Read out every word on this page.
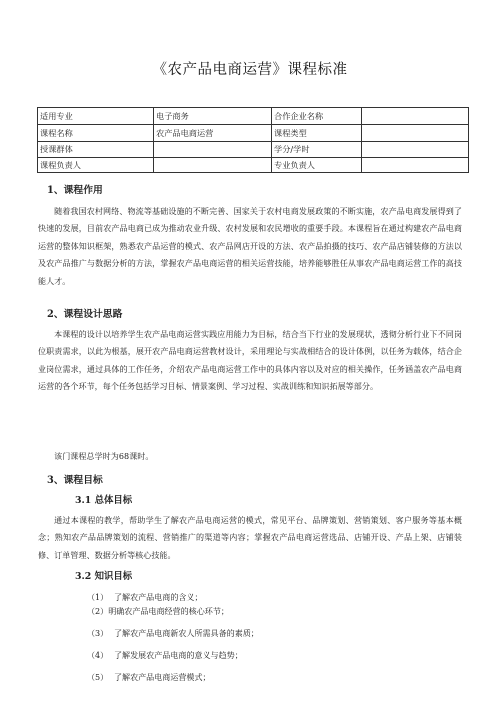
《农产品电商运营》课程标准
适用专业	电子商务	合作企业名称	
课程名称	农产品电商运营	课程类型	
授课群体		学分/学时	
课程负责人		专业负责人	
1、课程作用
随着我国农村网络、物流等基础设施的不断完善、国家关于农村电商发展政策的不断实施，农产品电商发展得到了快速的发展，目前农产品电商已成为推动农业升级、农村发展和农民增收的重要手段。本课程旨在通过构建农产品电商运营的整体知识框架，熟悉农产品运营的模式、农产品网店开设的方法、农产品拍摄的技巧、农产品店铺装修的方法以及农产品推广与数据分析的方法，掌握农产品电商运营的相关运营技能，培养能够胜任从事农产品电商运营工作的高技能人才。
2、课程设计思路
本课程的设计以培养学生农产品电商运营实践应用能力为目标，结合当下行业的发展现状，透彻分析行业下不同岗位职责需求，以此为根基，展开农产品电商运营教材设计，采用理论与实战相结合的设计体例，以任务为载体，结合企业岗位需求，通过具体的工作任务，介绍农产品电商运营工作中的具体内容以及对应的相关操作，任务涵盖农产品电商运营的各个环节，每个任务包括学习目标、情景案例、学习过程、实战训练和知识拓展等部分。
该门课程总学时为68课时。
3、课程目标
3.1 总体目标
通过本课程的教学，帮助学生了解农产品电商运营的模式，常见平台、品牌策划、营销策划、客户服务等基本概念；熟知农产品品牌策划的流程、营销推广的渠道等内容；掌握农产品电商运营选品、店铺开设、产品上架、店铺装修、订单管理、数据分析等核心技能。
3.2 知识目标
（1） 了解农产品电商的含义；
（2）明确农产品电商经营的核心环节；
（3） 了解农产品电商新农人所需具备的素质；
（4） 了解发展农产品电商的意义与趋势；
（5） 了解农产品电商运营模式；
